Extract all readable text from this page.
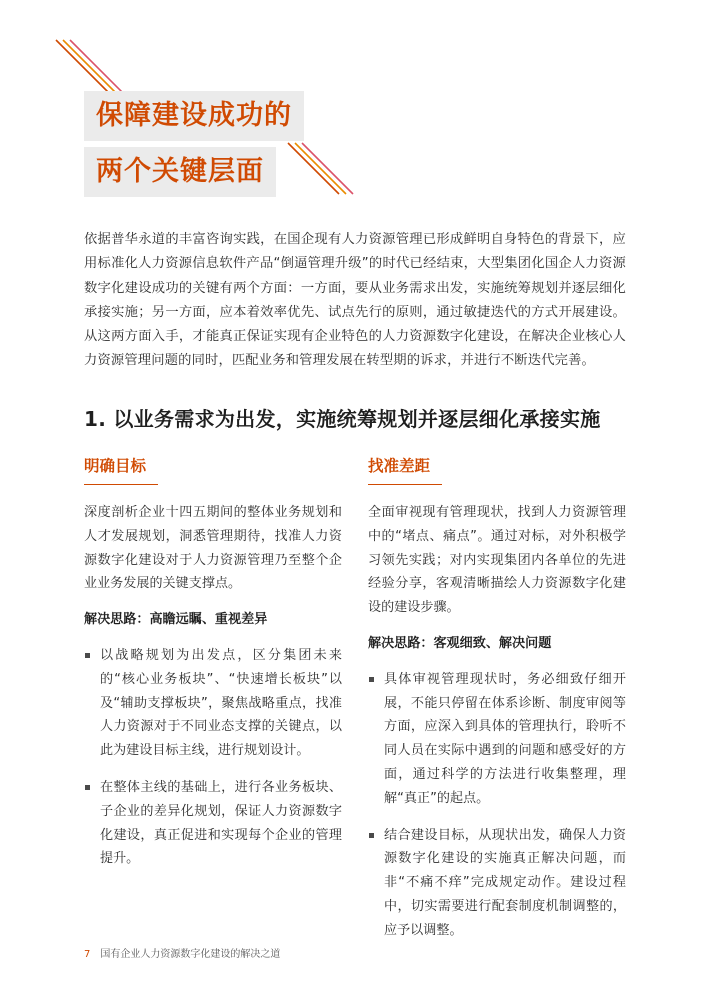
保障建设成功的
两个关键层面

依据普华永道的丰富咨询实践，在国企现有人力资源管理已形成鲜明自身特色的背景下，应用标准化人力资源信息软件产品“倒逼管理升级”的时代已经结束，大型集团化国企人力资源数字化建设成功的关键有两个方面：一方面，要从业务需求出发，实施统筹规划并逐层细化承接实施；另一方面，应本着效率优先、试点先行的原则，通过敏捷迭代的方式开展建设。从这两方面入手，才能真正保证实现有企业特色的人力资源数字化建设，在解决企业核心人力资源管理问题的同时，匹配业务和管理发展在转型期的诉求，并进行不断迭代完善。

1. 以业务需求为出发，实施统筹规划并逐层细化承接实施
明确目标
深度剖析企业十四五期间的整体业务规划和人才发展规划，洞悉管理期待，找准人力资源数字化建设对于人力资源管理乃至整个企业业务发展的关键支撑点。
解决思路：高瞻远瞩、重视差异
以战略规划为出发点，区分集团未来的“核心业务板块”、“快速增长板块”以及“辅助支撑板块”，聚焦战略重点，找准人力资源对于不同业态支撑的关键点，以此为建设目标主线，进行规划设计。
在整体主线的基础上，进行各业务板块、子企业的差异化规划，保证人力资源数字化建设，真正促进和实现每个企业的管理提升。
找准差距
全面审视现有管理现状，找到人力资源管理中的“堵点、痛点”。通过对标，对外积极学习领先实践；对内实现集团内各单位的先进经验分享，客观清晰描绘人力资源数字化建设的建设步骤。
解决思路：客观细致、解决问题
具体审视管理现状时，务必细致仔细开展，不能只停留在体系诊断、制度审阅等方面，应深入到具体的管理执行，聆听不同人员在实际中遇到的问题和感受好的方面，通过科学的方法进行收集整理，理解“真正”的起点。
结合建设目标，从现状出发，确保人力资源数字化建设的实施真正解决问题，而非“不痛不痒”完成规定动作。建设过程中，切实需要进行配套制度机制调整的，应予以调整。
7 国有企业人力资源数字化建设的解决之道
